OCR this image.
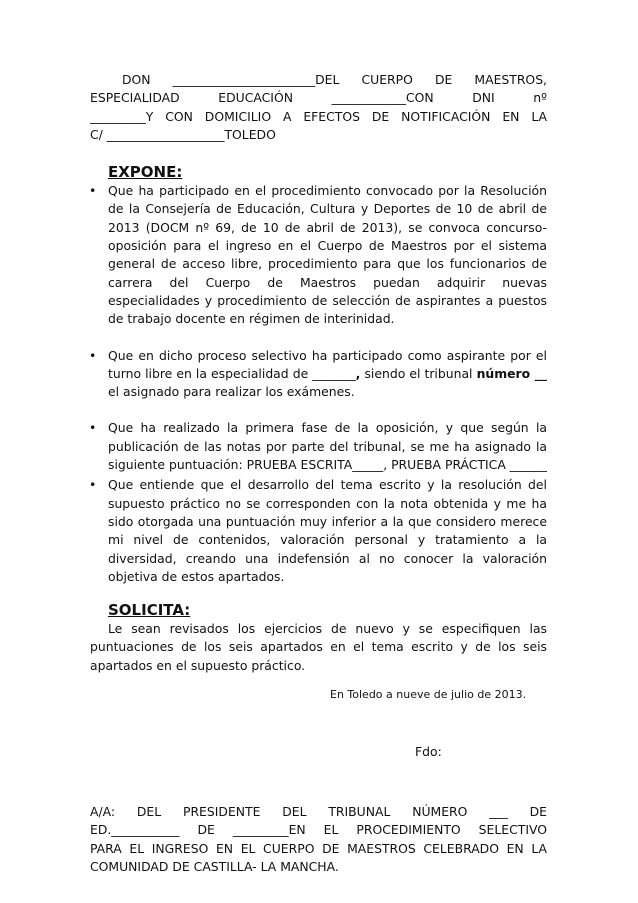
DON _______________________DEL CUERPO DE MAESTROS,
ESPECIALIDAD EDUCACIÓN ____________CON DNI nº
_________Y CON DOMICILIO A EFECTOS DE NOTIFICACIÓN EN LA
C/ ___________________TOLEDO
EXPONE:
• Que ha participado en el procedimiento convocado por la Resolución de la Consejería de Educación, Cultura y Deportes de 10 de abril de 2013 (DOCM nº 69, de 10 de abril de 2013), se convoca concurso-oposición para el ingreso en el Cuerpo de Maestros por el sistema general de acceso libre, procedimiento para que los funcionarios de carrera del Cuerpo de Maestros puedan adquirir nuevas especialidades y procedimiento de selección de aspirantes a puestos de trabajo docente en régimen de interinidad.

• Que en dicho proceso selectivo ha participado como aspirante por el turno libre en la especialidad de _______, siendo el tribunal número __ el asignado para realizar los exámenes.

• Que ha realizado la primera fase de la oposición, y que según la publicación de las notas por parte del tribunal, se me ha asignado la siguiente puntuación: PRUEBA ESCRITA_____, PRUEBA PRÁCTICA ______

• Que entiende que el desarrollo del tema escrito y la resolución del supuesto práctico no se corresponden con la nota obtenida y me ha sido otorgada una puntuación muy inferior a la que considero merece mi nivel de contenidos, valoración personal y tratamiento a la diversidad, creando una indefensión al no conocer la valoración objetiva de estos apartados.

SOLICITA:
Le sean revisados los ejercicios de nuevo y se especifiquen las
puntuaciones de los seis apartados en el tema escrito y de los seis
apartados en el supuesto práctico.

En Toledo a nueve de julio de 2013.

Fdo:

A/A: DEL PRESIDENTE DEL TRIBUNAL NÚMERO ___ DE
ED.___________ DE _________EN EL PROCEDIMIENTO SELECTIVO
PARA EL INGRESO EN EL CUERPO DE MAESTROS CELEBRADO EN LA
COMUNIDAD DE CASTILLA- LA MANCHA.
